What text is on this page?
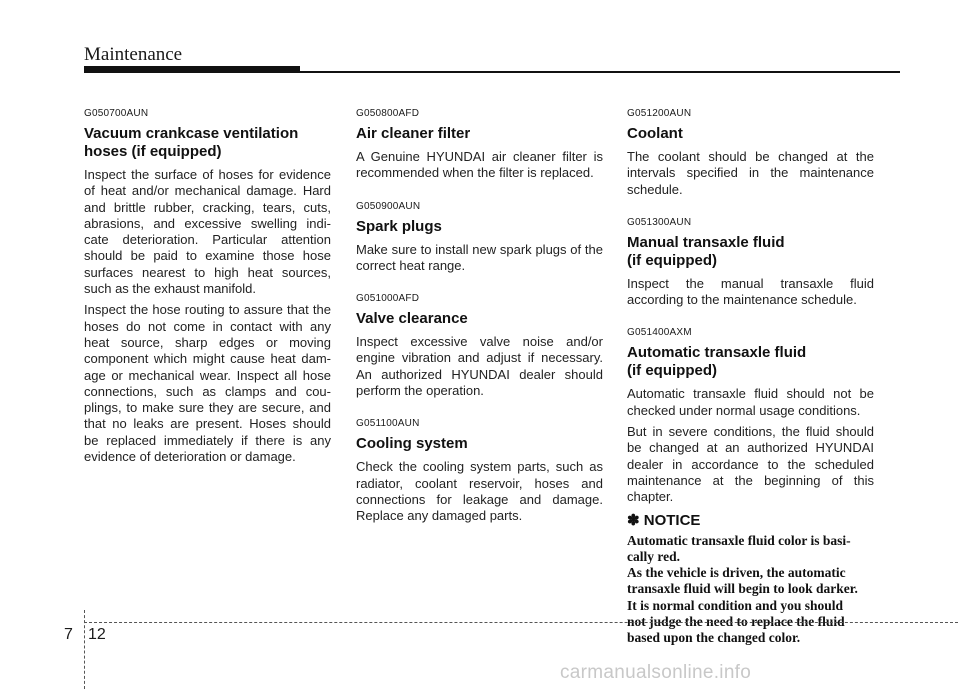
Maintenance
G050700AUN
Vacuum crankcase ventilation
hoses (if equipped)

Inspect the surface of hoses for evidence of heat and/or mechanical damage. Hard and brittle rubber, cracking, tears, cuts, abrasions, and excessive swelling indi-cate deterioration. Particular attention should be paid to examine those hose surfaces nearest to high heat sources, such as the exhaust manifold.

Inspect the hose routing to assure that the hoses do not come in contact with any heat source, sharp edges or moving component which might cause heat dam-age or mechanical wear. Inspect all hose connections, such as clamps and cou-plings, to make sure they are secure, and that no leaks are present. Hoses should be replaced immediately if there is any evidence of deterioration or damage.

G050800AFD
Air cleaner filter

A Genuine HYUNDAI air cleaner filter is recommended when the filter is replaced.

G050900AUN
Spark plugs

Make sure to install new spark plugs of the correct heat range.

G051000AFD
Valve clearance

Inspect excessive valve noise and/or engine vibration and adjust if necessary. An authorized HYUNDAI dealer should perform the operation.

G051100AUN
Cooling system

Check the cooling system parts, such as radiator, coolant reservoir, hoses and connections for leakage and damage. Replace any damaged parts.

G051200AUN
Coolant

The coolant should be changed at the intervals specified in the maintenance schedule.

G051300AUN
Manual transaxle fluid
(if equipped)

Inspect the manual transaxle fluid according to the maintenance schedule.

G051400AXM
Automatic transaxle fluid
(if equipped)

Automatic transaxle fluid should not be checked under normal usage conditions.

But in severe conditions, the fluid should be changed at an authorized HYUNDAI dealer in accordance to the scheduled maintenance at the beginning of this chapter.

✽ NOTICE

Automatic transaxle fluid color is basi-

cally red.

As the vehicle is driven, the automatic

transaxle fluid will begin to look darker.

It is normal condition and you should

not judge the need to replace the fluid

based upon the changed color.

7 12
carmanualsonline.info
